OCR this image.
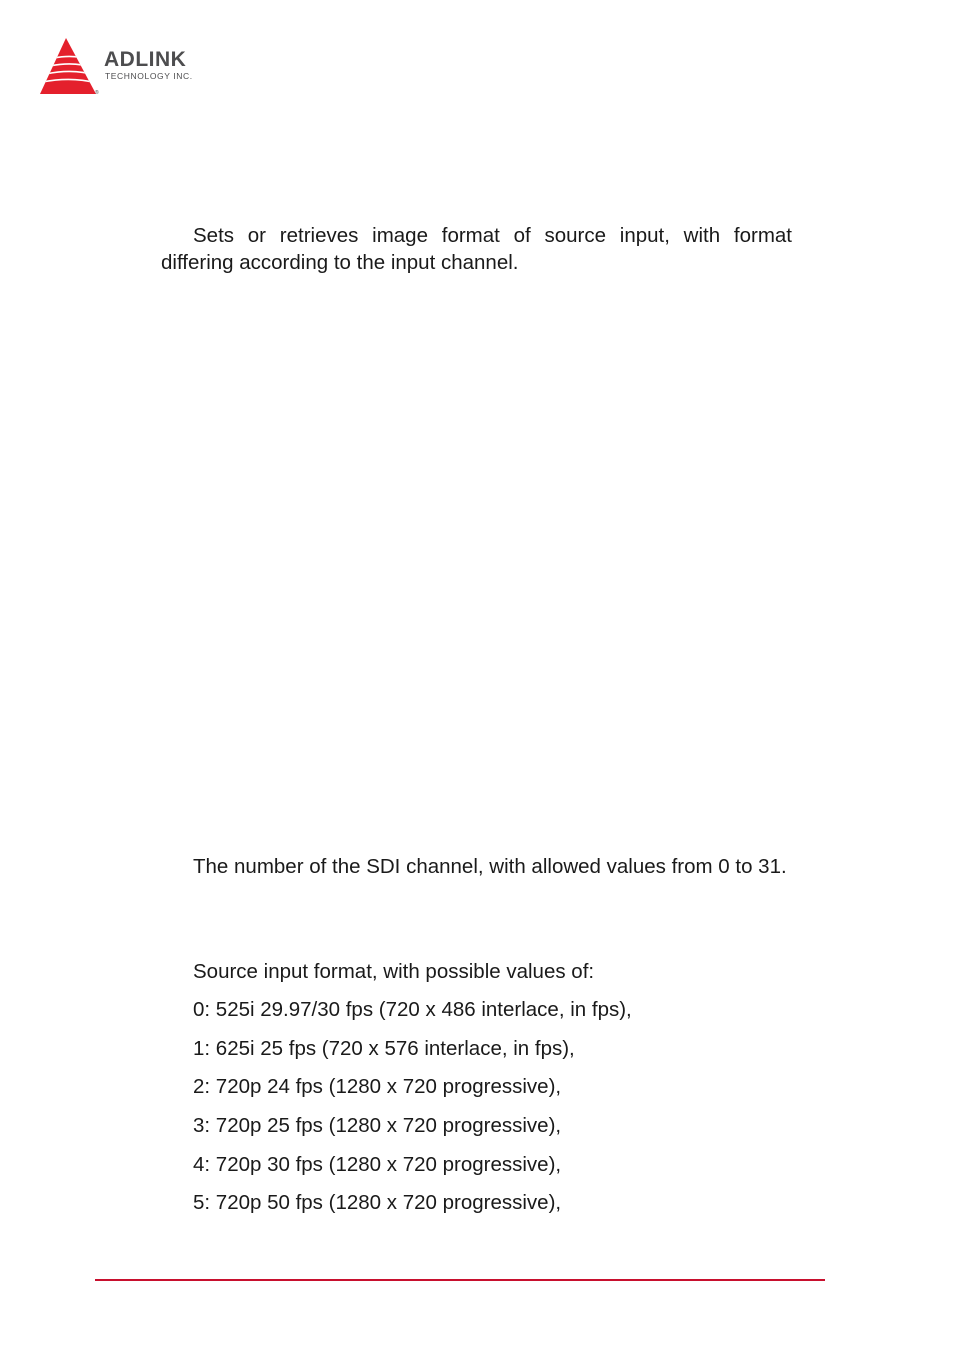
®
ADLINK
TECHNOLOGY INC.

Sets or retrieves image format of source input, with format differing according to the input channel.

The number of the SDI channel, with allowed values from 0 to 31.

Source input format, with possible values of:

0: 525i 29.97/30 fps (720 x 486 interlace, in fps),

1: 625i 25 fps (720 x 576 interlace, in fps),

2: 720p 24 fps (1280 x 720 progressive),

3: 720p 25 fps (1280 x 720 progressive),

4: 720p 30 fps (1280 x 720 progressive),

5: 720p 50 fps (1280 x 720 progressive),
